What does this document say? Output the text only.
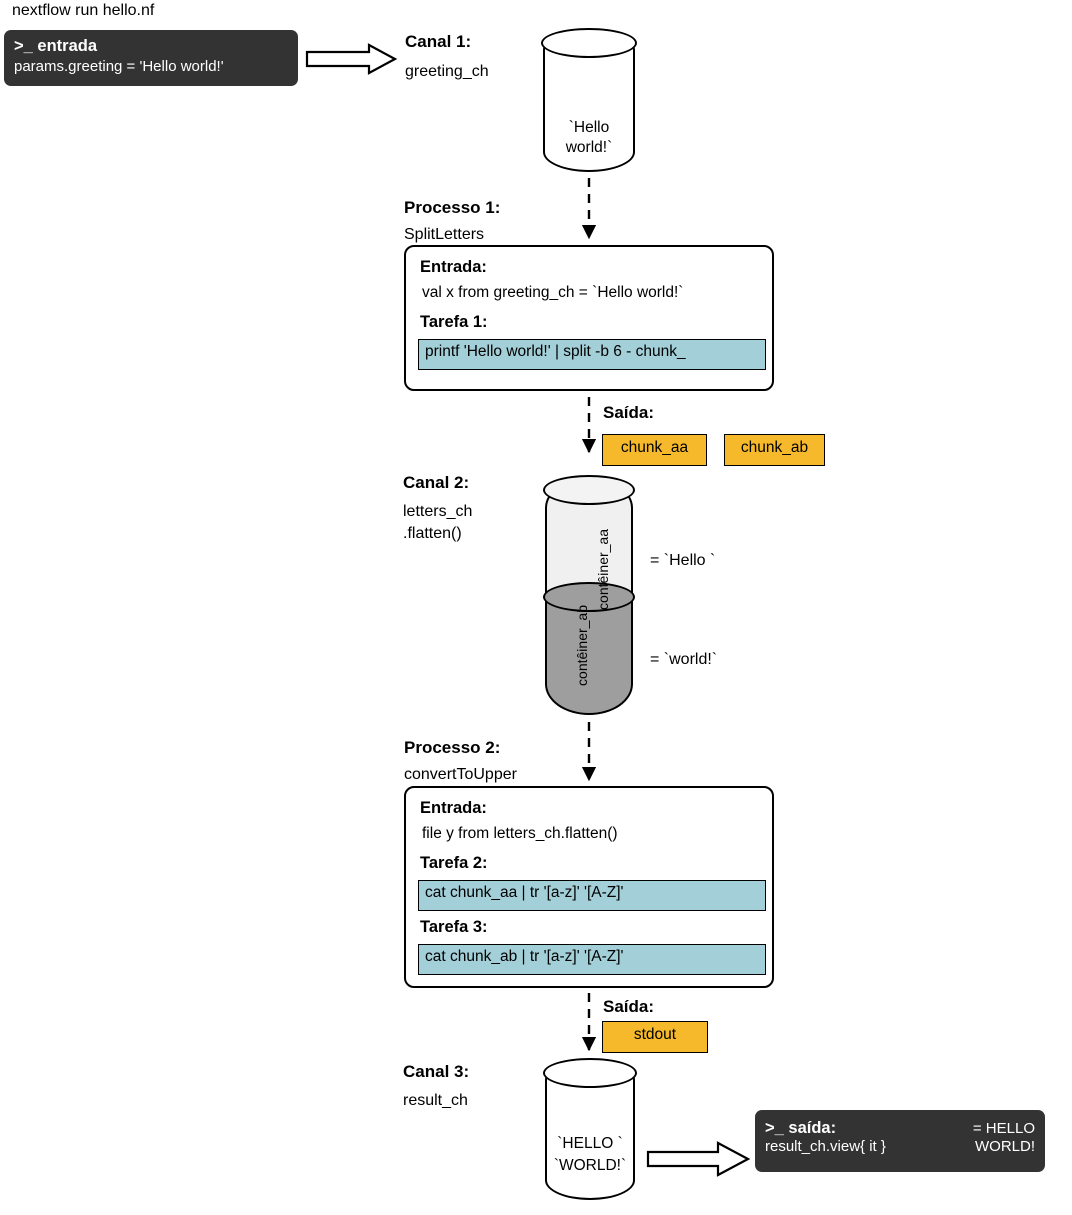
nextflow run hello.nf
>_ entrada
params.greeting = 'Hello world!'
Canal 1:
greeting_ch
`Hello
world!`
Processo 1:
SplitLetters
Entrada:
val x from greeting_ch = `Hello world!`
Tarefa 1:
printf 'Hello world!' | split -b 6 - chunk_
Saída:
chunk_aa	chunk_ab
Canal 2:
letters_ch
.flatten()	contêiner_aa
contêiner_ab
= `Hello `
= `world!`
Processo 2:
convertToUpper
Entrada:
file y from letters_ch.flatten()
Tarefa 2:
cat chunk_aa | tr '[a-z]' '[A-Z]'
Tarefa 3:
cat chunk_ab | tr '[a-z]' '[A-Z]'
Saída:
stdout
Canal 3:
result_ch
`HELLO `
`WORLD!`
>_ saída:	= HELLO
result_ch.view{ it }	WORLD!
